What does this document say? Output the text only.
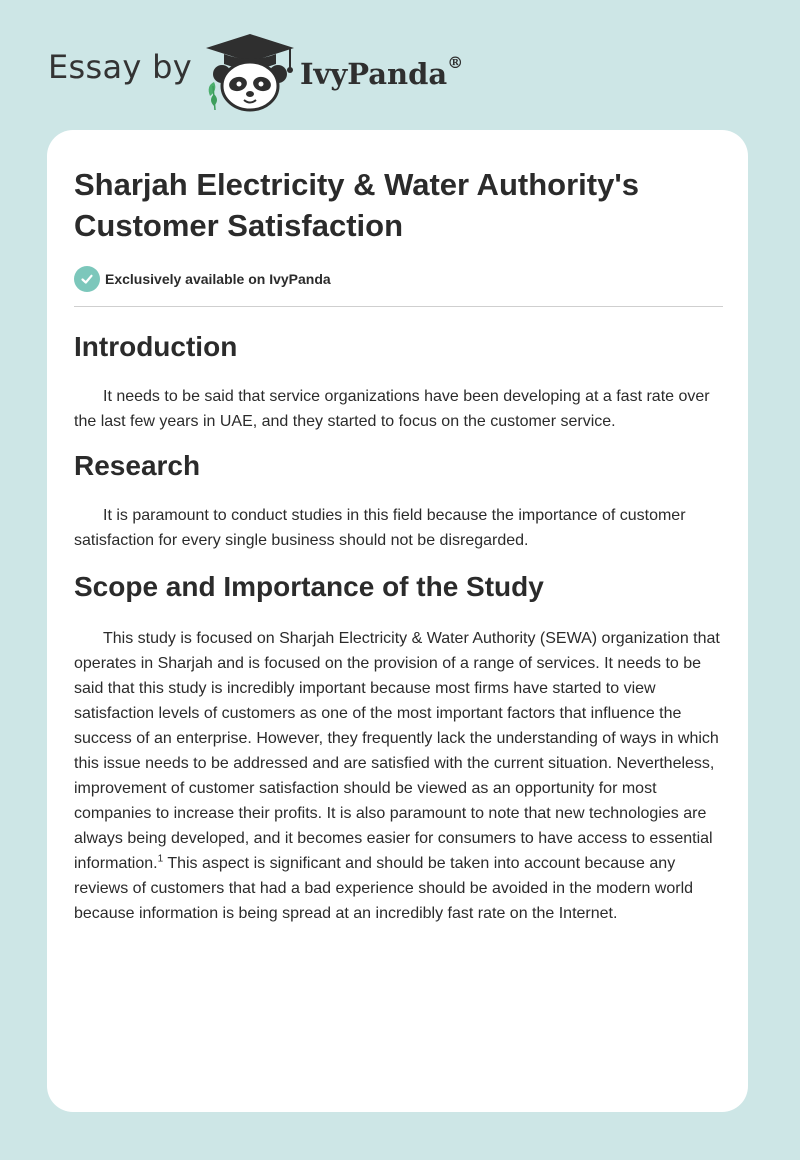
Essay by	IvyPanda®
Sharjah Electricity & Water Authority's
Customer Satisfaction
Exclusively available on IvyPanda
Introduction

It needs to be said that service organizations have been developing at a fast rate over the last few years in UAE, and they started to focus on the customer service.

Research

It is paramount to conduct studies in this field because the importance of customer satisfaction for every single business should not be disregarded.

Scope and Importance of the Study

This study is focused on Sharjah Electricity & Water Authority (SEWA) organization that operates in Sharjah and is focused on the provision of a range of services. It needs to be said that this study is incredibly important because most firms have started to view satisfaction levels of customers as one of the most important factors that influence the success of an enterprise. However, they frequently lack the understanding of ways in which this issue needs to be addressed and are satisfied with the current situation. Nevertheless, improvement of customer satisfaction should be viewed as an opportunity for most companies to increase their profits. It is also paramount to note that new technologies are always being developed, and it becomes easier for consumers to have access to essential information.$^1$ This aspect is significant and should be taken into account because any reviews of customers that had a bad experience should be avoided in the modern world because information is being spread at an incredibly fast rate on the Internet.
